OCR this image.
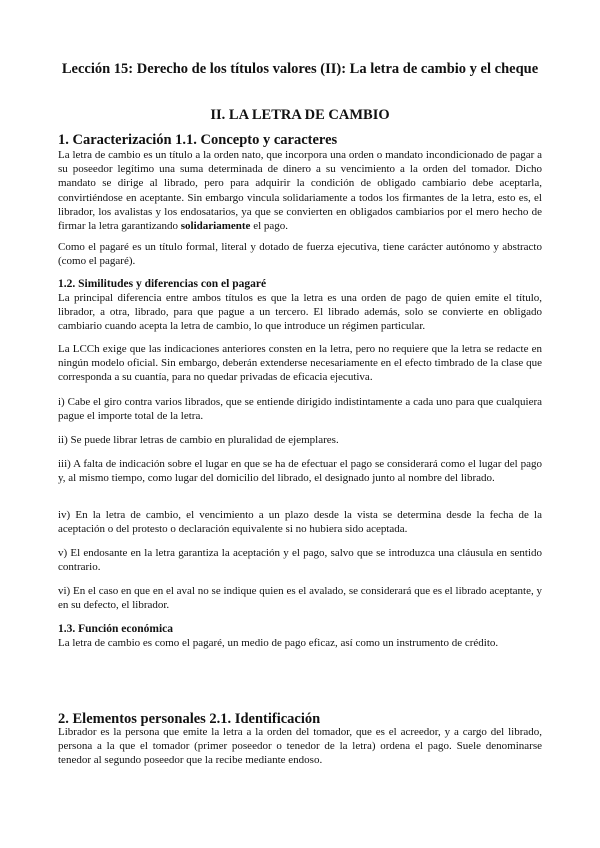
Lección 15: Derecho de los títulos valores (II): La letra de cambio y el cheque
II. LA LETRA DE CAMBIO
1. Caracterización 1.1. Concepto y caracteres
La letra de cambio es un título a la orden nato, que incorpora una orden o mandato incondicionado de pagar a su poseedor legítimo una suma determinada de dinero a su vencimiento a la orden del tomador. Dicho mandato se dirige al librado, pero para adquirir la condición de obligado cambiario debe aceptarla, convirtiéndose en aceptante. Sin embargo vincula solidariamente a todos los firmantes de la letra, esto es, el librador, los avalistas y los endosatarios, ya que se convierten en obligados cambiarios por el mero hecho de firmar la letra garantizando solidariamente el pago.
Como el pagaré es un título formal, literal y dotado de fuerza ejecutiva, tiene carácter autónomo y abstracto (como el pagaré).
1.2. Similitudes y diferencias con el pagaré
La principal diferencia entre ambos títulos es que la letra es una orden de pago de quien emite el título, librador, a otra, librado, para que pague a un tercero. El librado además, solo se convierte en obligado cambiario cuando acepta la letra de cambio, lo que introduce un régimen particular.
La LCCh exige que las indicaciones anteriores consten en la letra, pero no requiere que la letra se redacte en ningún modelo oficial. Sin embargo, deberán extenderse necesariamente en el efecto timbrado de la clase que corresponda a su cuantía, para no quedar privadas de eficacia ejecutiva.
i) Cabe el giro contra varios librados, que se entiende dirigido indistintamente a cada uno para que cualquiera pague el importe total de la letra.
ii) Se puede librar letras de cambio en pluralidad de ejemplares.
iii) A falta de indicación sobre el lugar en que se ha de efectuar el pago se considerará como el lugar del pago y, al mismo tiempo, como lugar del domicilio del librado, el designado junto al nombre del librado.
iv) En la letra de cambio, el vencimiento a un plazo desde la vista se determina desde la fecha de la aceptación o del protesto o declaración equivalente si no hubiera sido aceptada.
v) El endosante en la letra garantiza la aceptación y el pago, salvo que se introduzca una cláusula en sentido contrario.
vi) En el caso en que en el aval no se indique quien es el avalado, se considerará que es el librado aceptante, y en su defecto, el librador.
1.3. Función económica
La letra de cambio es como el pagaré, un medio de pago eficaz, así como un instrumento de crédito.
2. Elementos personales 2.1. Identificación
Librador es la persona que emite la letra a la orden del tomador, que es el acreedor, y a cargo del librado, persona a la que el tomador (primer poseedor o tenedor de la letra) ordena el pago. Suele denominarse tenedor al segundo poseedor que la recibe mediante endoso.
